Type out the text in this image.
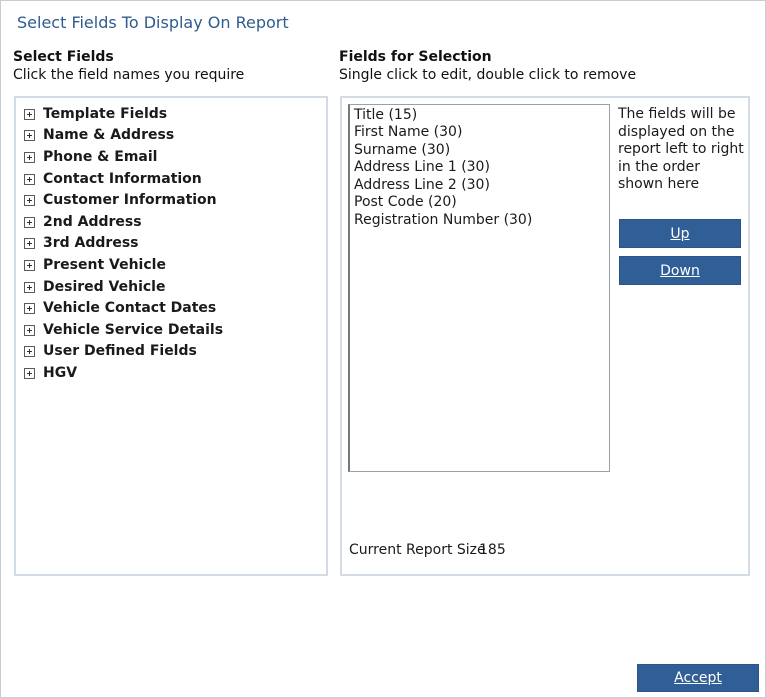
Select Fields To Display On Report
Select Fields
Click the field names you require
Template Fields
Name & Address
Phone & Email
Contact Information
Customer Information
2nd Address
3rd Address
Present Vehicle
Desired Vehicle
Vehicle Contact Dates
Vehicle Service Details
User Defined Fields
HGV
Fields for Selection
Single click to edit, double click to remove
Title (15)
First Name (30)
Surname (30)
Address Line 1 (30)
Address Line 2 (30)
Post Code (20)
Registration Number (30)
The fields will be displayed on the report left to right in the order shown here
Up
Down
Current Report Size
185
Accept
